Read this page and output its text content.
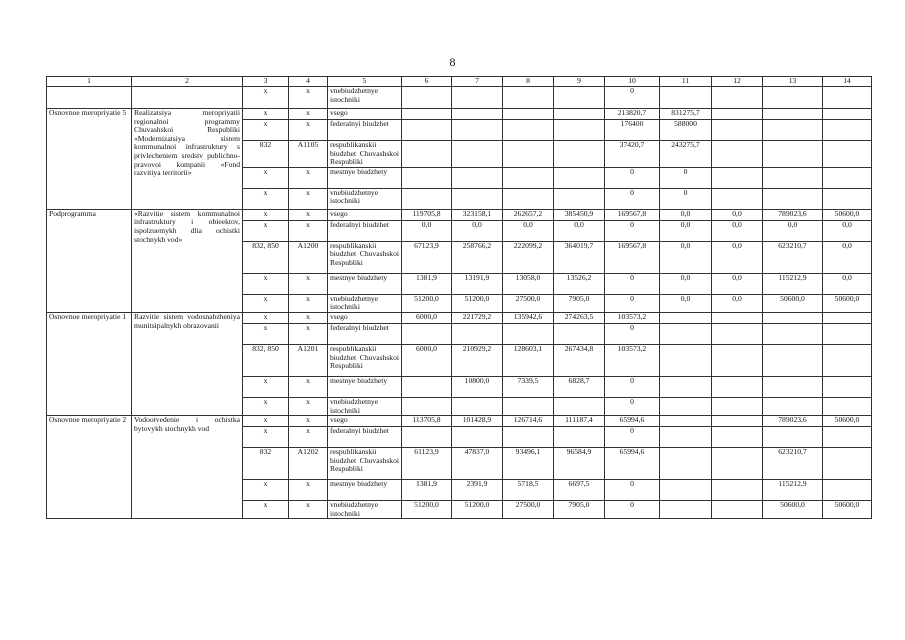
8
1	2	3	4	5	6	7	8	9	10	11	12	13	14
		x	x	vnebiudzhetnye istochniki					0				
Osnovnoe meropriyatie 5	Realizatsiya meropriyatii regionalnoi programmy Chuvashskoi Respubliki «Modernizatsiya sistem kommunalnoi infrastruktury s privlecheniem sredstv publichno-pravovoi kompanii «Fond razvitiya territorii»	x	x	vsego					213820,7	831275,7			
		x	x	federalnyi biudzhet					176400	588000			
		832	A1105	respublikanskii biudzhet Chuvashskoi Respubliki					37420,7	243275,7			
		x	x	mestnye biudzhety					0	0			
		x	x	vnebiudzhetnye istochniki					0	0			
Podprogramma	«Razvitie sistem kommunalnoi infrastruktury i obieektov, ispolzuemykh dlia ochistki stochnykh vod»	x	x	vsego	119705,8	323158,1	262657,2	385450,9	169567,8	0,0	0,0	789023,6	50600,0
		x	x	federalnyi biudzhet	0,0	0,0	0,0	0,0	0	0,0	0,0	0,0	0,0
		832, 850	A1200	respublikanskii biudzhet Chuvashskoi Respubliki	67123,9	258766,2	222099,2	364019,7	169567,8	0,0	0,0	623210,7	0,0
		x	x	mestnye biudzhety	1381,9	13191,9	13058,0	13526,2	0	0,0	0,0	115212,9	0,0
		x	x	vnebiudzhetnye istochniki	51200,0	51200,0	27500,0	7905,0	0	0,0	0,0	50600,0	50600,0
Osnovnoe meropriyatie 1	Razvitie sistem vodosnabzheniya munitsipalnykh obrazovanii	x	x	vsego	6000,0	221729,2	135942,6	274263,5	103573,2				
		x	x	federalnyi biudzhet					0				
		832, 850	A1201	respublikanskii biudzhet Chuvashskoi Respubliki	6000,0	210929,2	128603,1	267434,8	103573,2				
		x	x	mestnye biudzhety		10800,0	7339,5	6828,7	0				
		x	x	vnebiudzhetnye istochniki					0				
Osnovnoe meropriyatie 2	Vodootvedenie i ochistka bytovykh stochnykh vod	x	x	vsego	113705,8	101428,9	126714,6	111187,4	65994,6			789023,6	50600,0
		x	x	federalnyi biudzhet					0				
		832	A1202	respublikanskii biudzhet Chuvashskoi Respubliki	61123,9	47837,0	93496,1	96584,9	65994,6			623210,7	
		x	x	mestnye biudzhety	1381,9	2391,9	5718,5	6697,5	0			115212,9	
		x	x	vnebiudzhetnye istochniki	51200,0	51200,0	27500,0	7905,0	0			50600,0	50600,0
